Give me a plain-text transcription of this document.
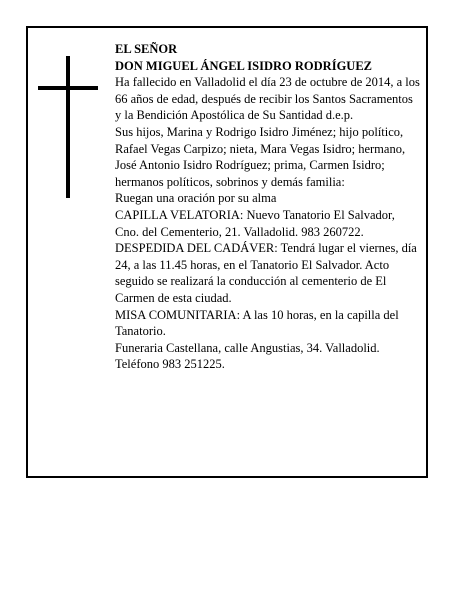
EL SEÑOR

DON MIGUEL ÁNGEL ISIDRO RODRÍGUEZ

Ha fallecido en Valladolid el día 23 de octubre de 2014, a los 66 años de edad, después de recibir los Santos Sacramentos y la Bendición Apostólica de Su Santidad d.e.p.

Sus hijos, Marina y Rodrigo Isidro Jiménez; hijo político, Rafael Vegas Carpizo; nieta, Mara Vegas Isidro; hermano, José Antonio Isidro Rodríguez; prima, Carmen Isidro; hermanos políticos, sobrinos y demás familia:

Ruegan una oración por su alma

CAPILLA VELATORIA: Nuevo Tanatorio El Salvador, Cno. del Cementerio, 21. Valladolid. 983 260722.

DESPEDIDA DEL CADÁVER: Tendrá lugar el viernes, día 24, a las 11.45 horas, en el Tanatorio El Salvador. Acto seguido se realizará la conducción al cementerio de El Carmen de esta ciudad.

MISA COMUNITARIA: A las 10 horas, en la capilla del Tanatorio.

Funeraria Castellana, calle Angustias, 34. Valladolid. Teléfono 983 251225.
